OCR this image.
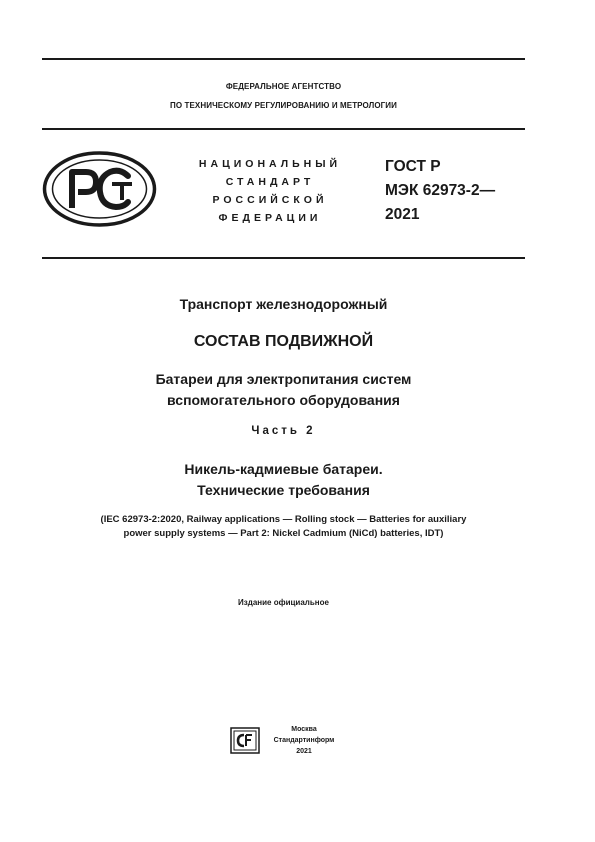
ФЕДЕРАЛЬНОЕ АГЕНТСТВО
ПО ТЕХНИЧЕСКОМУ РЕГУЛИРОВАНИЮ И МЕТРОЛОГИИ
НАЦИОНАЛЬНЫЙ
СТАНДАРТ
РОССИЙСКОЙ
ФЕДЕРАЦИИ
ГОСТ Р
МЭК 62973-2—
2021
Транспорт железнодорожный
СОСТАВ ПОДВИЖНОЙ
Батареи для электропитания систем
вспомогательного оборудования
Часть 2
Никель-кадмиевые батареи.
Технические требования
(IEC 62973-2:2020, Railway applications — Rolling stock — Batteries for auxiliary
power supply systems — Part 2: Nickel Cadmium (NiCd) batteries, IDT)
Издание официальное
Москва
Стандартинформ
2021
